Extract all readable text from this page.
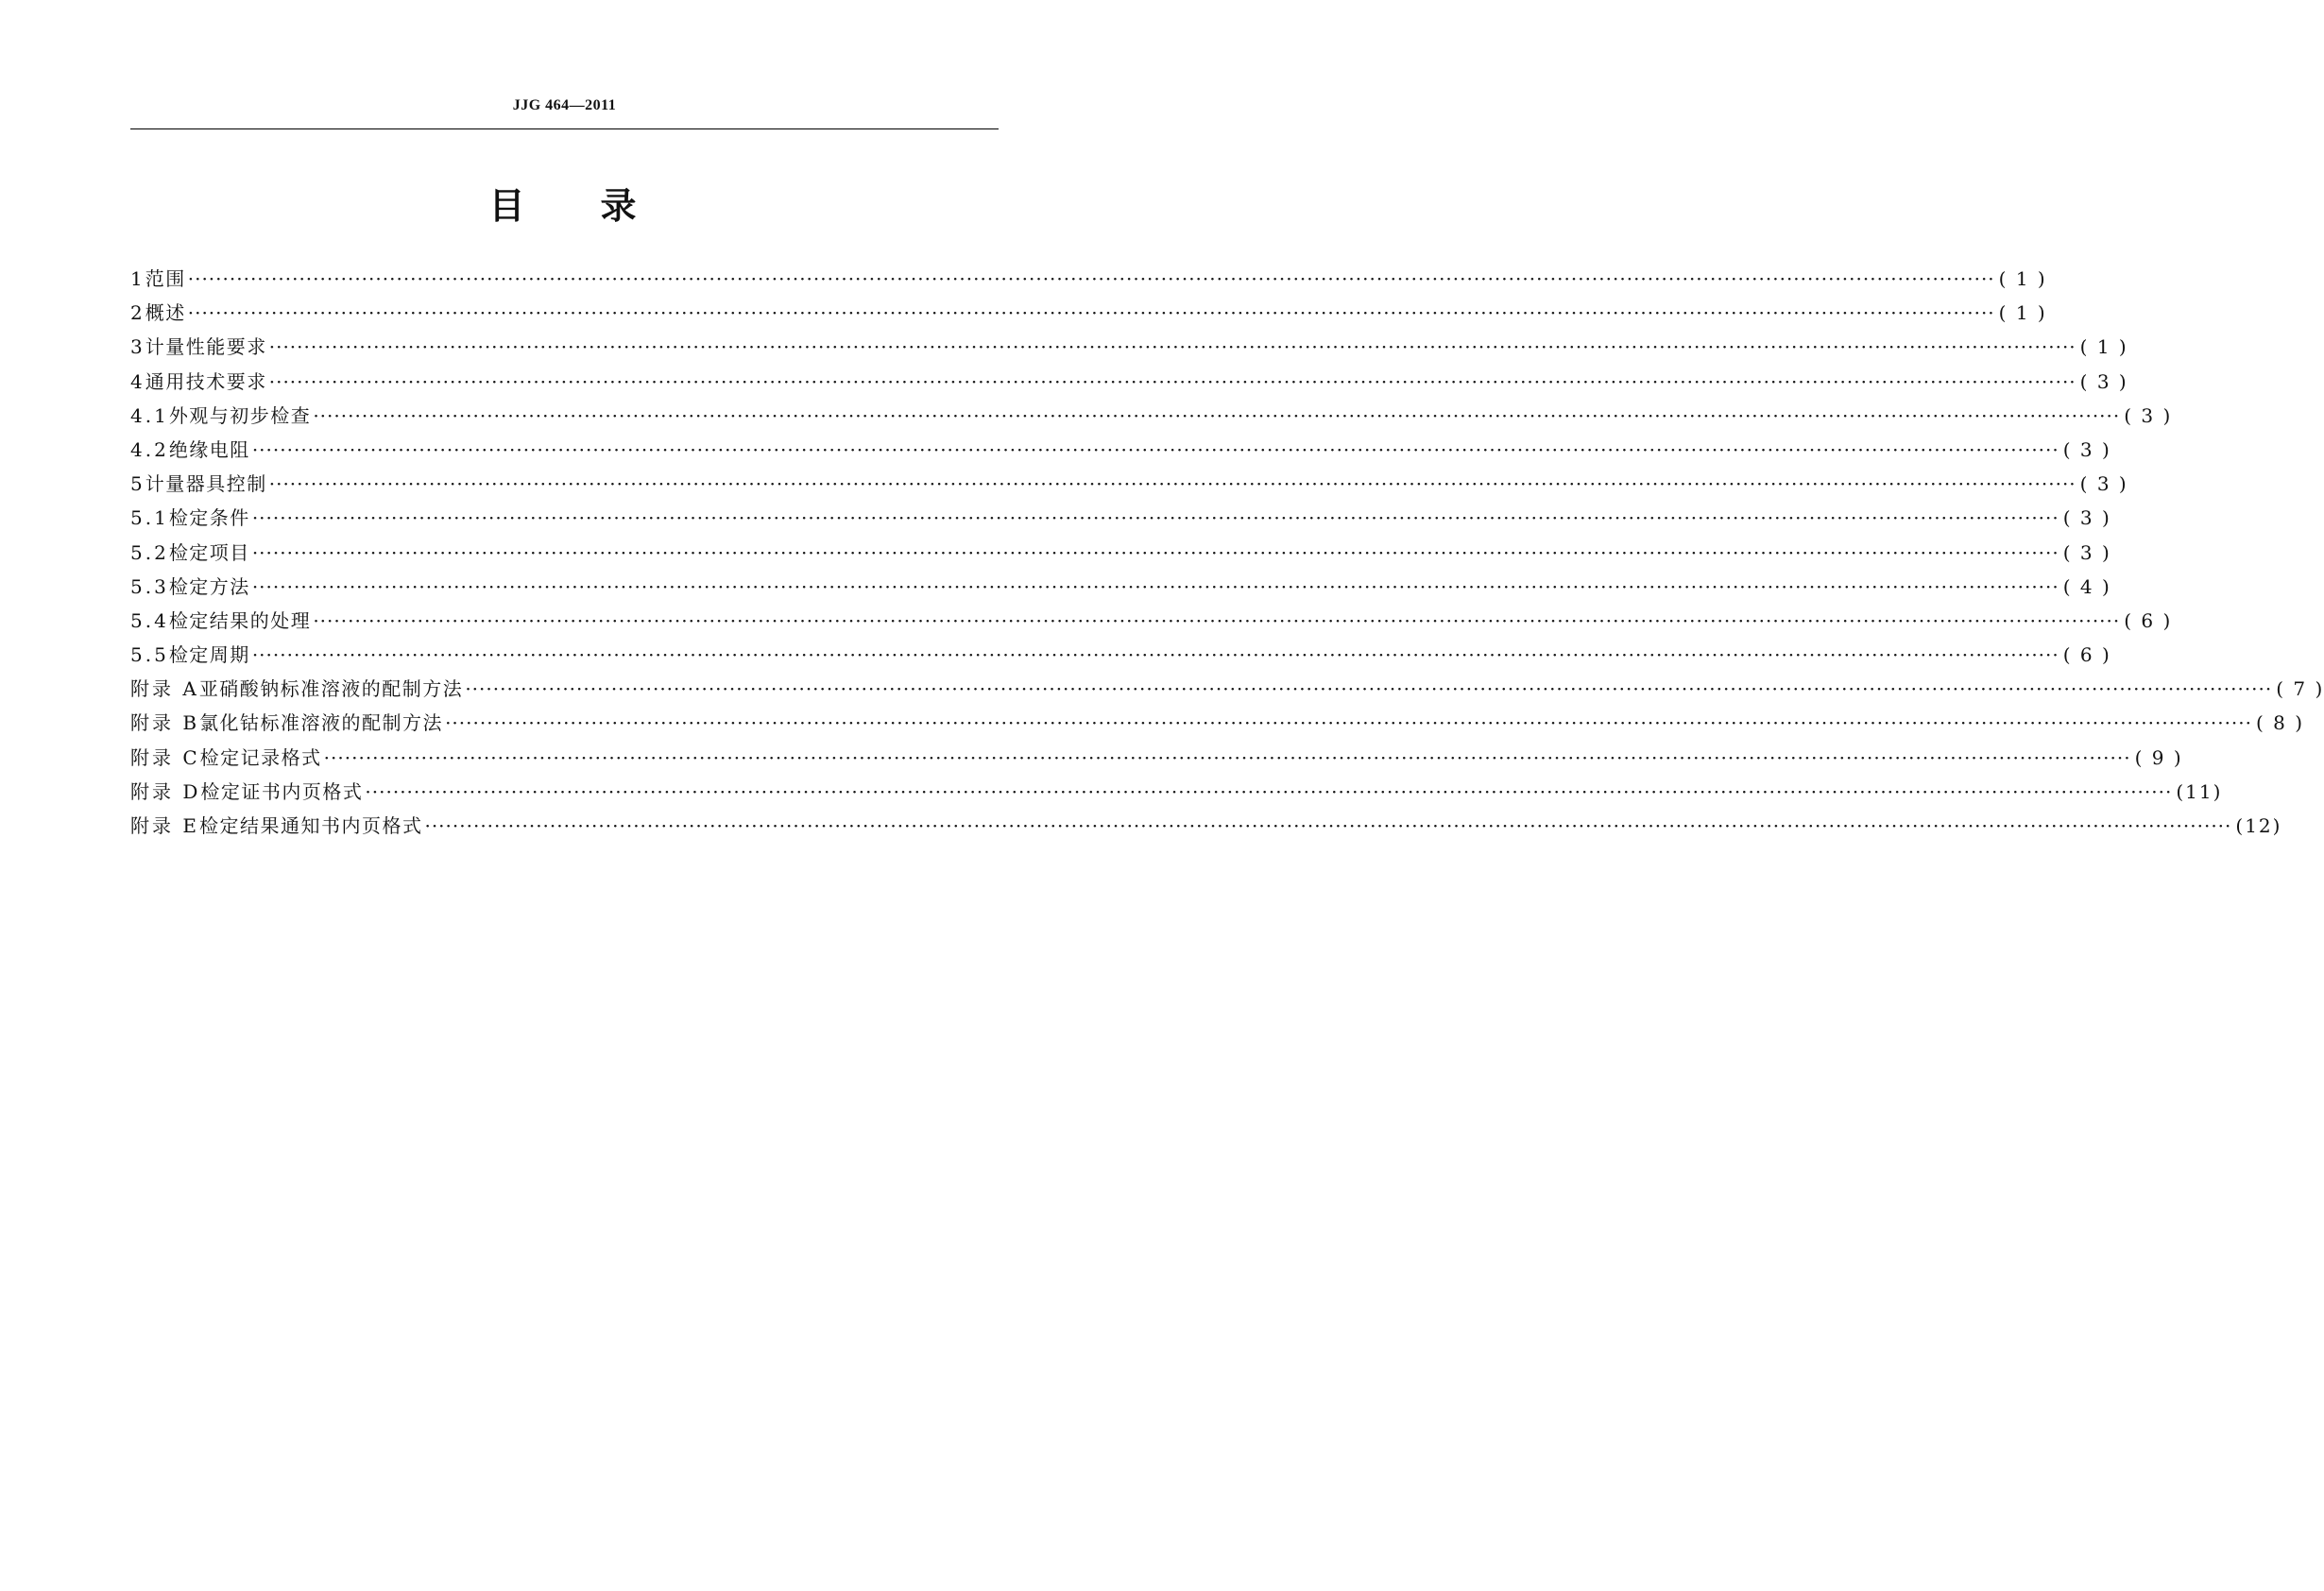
JJG 464—2011
目录
1 范围 ···································································································································································································································································· ( 1 )
2 概述 ···································································································································································································································································· ( 1 )
3 计量性能要求 ···································································································································································································································································· ( 1 )
4 通用技术要求 ···································································································································································································································································· ( 3 )
4.1 外观与初步检查 ···································································································································································································································································· ( 3 )
4.2 绝缘电阻 ···································································································································································································································································· ( 3 )
5 计量器具控制 ···································································································································································································································································· ( 3 )
5.1 检定条件 ···································································································································································································································································· ( 3 )
5.2 检定项目 ···································································································································································································································································· ( 3 )
5.3 检定方法 ···································································································································································································································································· ( 4 )
5.4 检定结果的处理 ···································································································································································································································································· ( 6 )
5.5 检定周期 ···································································································································································································································································· ( 6 )
附录 A 亚硝酸钠标准溶液的配制方法 ···································································································································································································································································· ( 7 )
附录 B 氯化钴标准溶液的配制方法 ···································································································································································································································································· ( 8 )
附录 C 检定记录格式 ···································································································································································································································································· ( 9 )
附录 D 检定证书内页格式 ···································································································································································································································································· (11)
附录 E 检定结果通知书内页格式 ···································································································································································································································································· (12)
